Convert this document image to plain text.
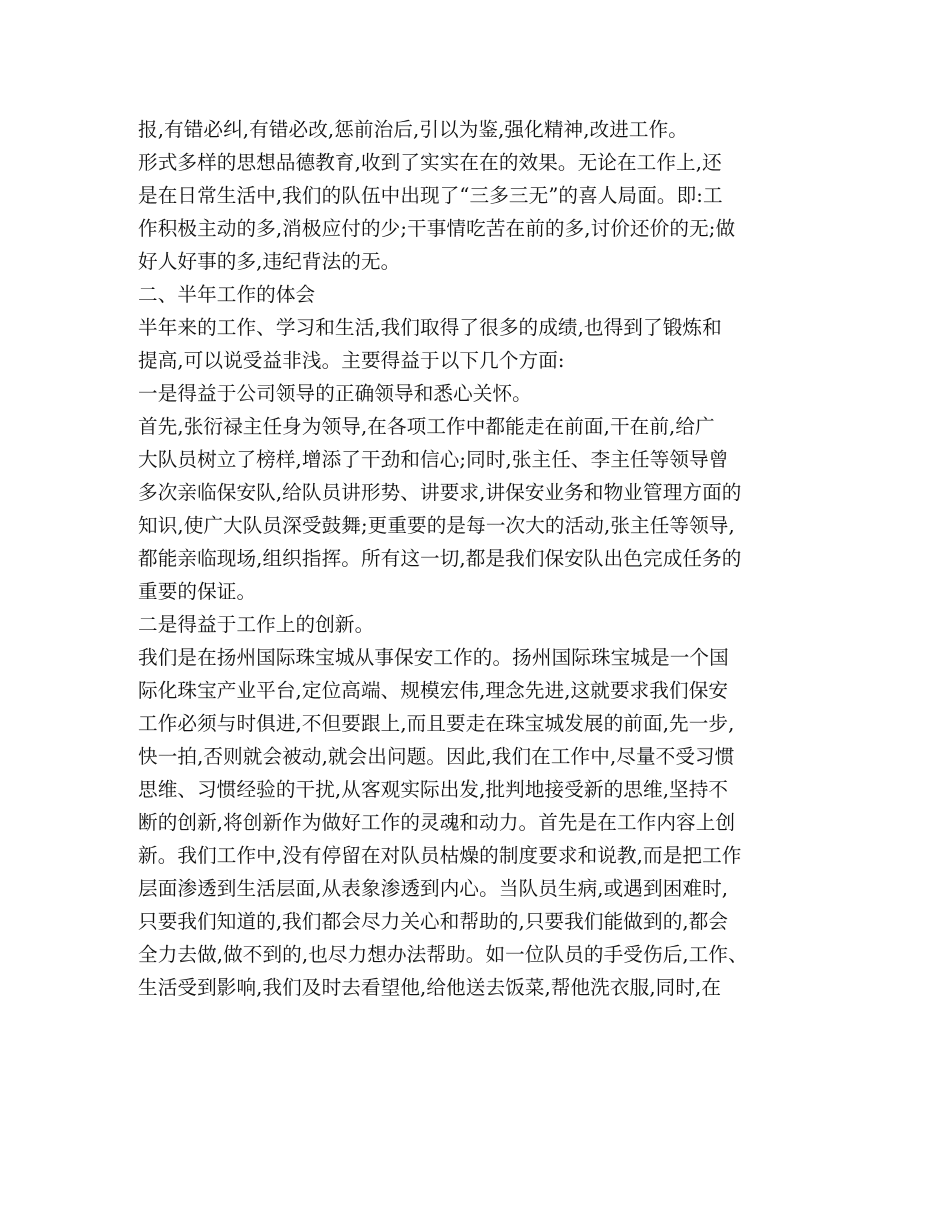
报,有错必纠,有错必改,惩前治后,引以为鉴,强化精神,改进工作。
形式多样的思想品德教育,收到了实实在在的效果。无论在工作上,还
是在日常生活中,我们的队伍中出现了“三多三无”的喜人局面。即:工
作积极主动的多,消极应付的少;干事情吃苦在前的多,讨价还价的无;做
好人好事的多,违纪背法的无。
二、半年工作的体会
半年来的工作、学习和生活,我们取得了很多的成绩,也得到了锻炼和
提高,可以说受益非浅。主要得益于以下几个方面:
一是得益于公司领导的正确领导和悉心关怀。
首先,张衍禄主任身为领导,在各项工作中都能走在前面,干在前,给广
大队员树立了榜样,增添了干劲和信心;同时,张主任、李主任等领导曾
多次亲临保安队,给队员讲形势、讲要求,讲保安业务和物业管理方面的
知识,使广大队员深受鼓舞;更重要的是每一次大的活动,张主任等领导,
都能亲临现场,组织指挥。所有这一切,都是我们保安队出色完成任务的
重要的保证。
二是得益于工作上的创新。
我们是在扬州国际珠宝城从事保安工作的。扬州国际珠宝城是一个国
际化珠宝产业平台,定位高端、规模宏伟,理念先进,这就要求我们保安
工作必须与时俱进,不但要跟上,而且要走在珠宝城发展的前面,先一步,
快一拍,否则就会被动,就会出问题。因此,我们在工作中,尽量不受习惯
思维、习惯经验的干扰,从客观实际出发,批判地接受新的思维,坚持不
断的创新,将创新作为做好工作的灵魂和动力。首先是在工作内容上创
新。我们工作中,没有停留在对队员枯燥的制度要求和说教,而是把工作
层面渗透到生活层面,从表象渗透到内心。当队员生病,或遇到困难时,
只要我们知道的,我们都会尽力关心和帮助的,只要我们能做到的,都会
全力去做,做不到的,也尽力想办法帮助。如一位队员的手受伤后,工作、
生活受到影响,我们及时去看望他,给他送去饭菜,帮他洗衣服,同时,在
